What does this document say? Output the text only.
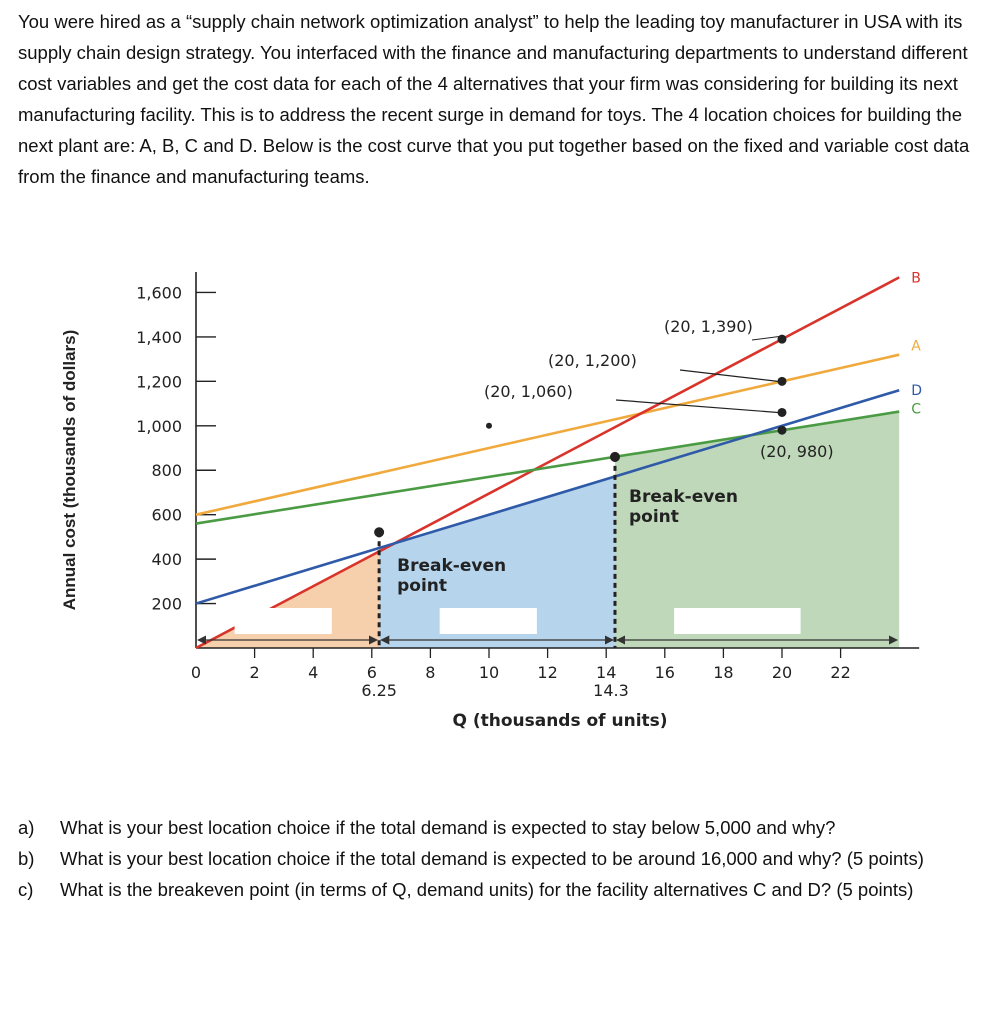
You were hired as a “supply chain network optimization analyst” to help the leading toy manufacturer in USA with its supply chain design strategy. You interfaced with the finance and manufacturing departments to understand different cost variables and get the cost data for each of the 4 alternatives that your firm was considering for building its next manufacturing facility. This is to address the recent surge in demand for toys. The 4 location choices for building the next plant are: A, B, C and D. Below is the cost curve that you put together based on the fixed and variable cost data from the finance and manufacturing teams.

200
400
600
800
1,000
1,200
1,400
1,600
0	2	4	6	8	10 12 14 16 18 20 22
A
B
C
D
6.25	14.3
Break-even
point
Break-even
point
(20, 1,390)
(20, 1,200)
(20, 1,060)
(20, 980)
Q (thousands of units)
Annual cost (thousands of dollars)
a) What is your best location choice if the total demand is expected to stay below 5,000 and why?
b) What is your best location choice if the total demand is expected to be around 16,000 and why? (5 points)
c) What is the breakeven point (in terms of Q, demand units) for the facility alternatives C and D? (5 points)
